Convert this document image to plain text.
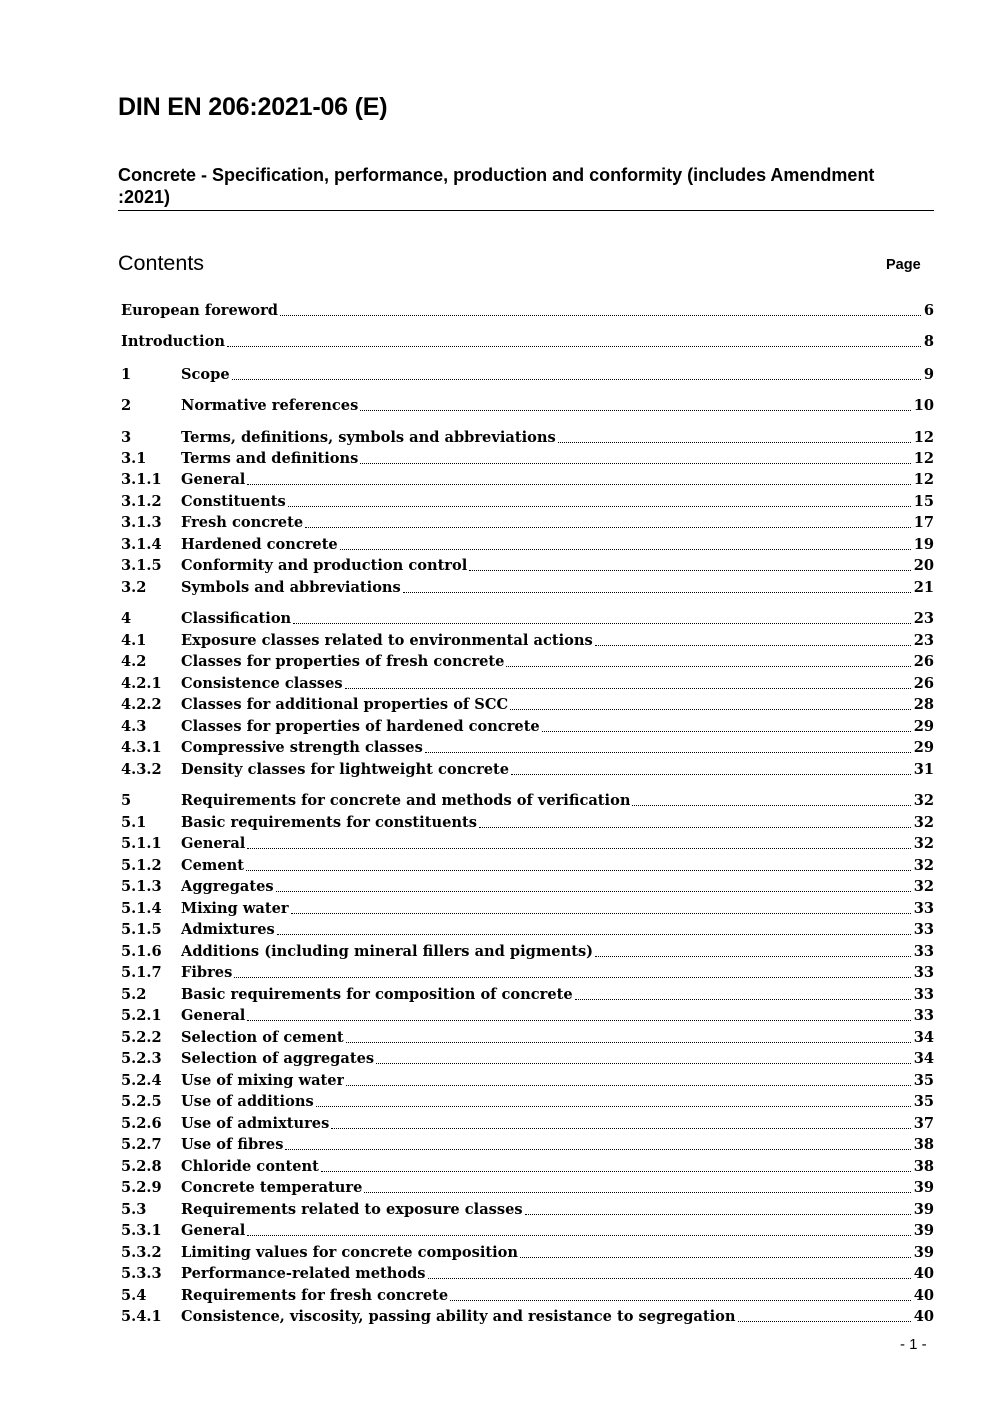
DIN EN 206:2021-06 (E)
Concrete - Specification, performance, production and conformity (includes Amendment :2021)
Contents	Page
European foreword	6
Introduction	8
1	Scope	9
2	Normative references	10
3	Terms, definitions, symbols and abbreviations	12
3.1	Terms and definitions	12
3.1.1	General	12
3.1.2	Constituents	15
3.1.3	Fresh concrete	17
3.1.4	Hardened concrete	19
3.1.5	Conformity and production control	20
3.2	Symbols and abbreviations	21
4	Classification	23
4.1	Exposure classes related to environmental actions	23
4.2	Classes for properties of fresh concrete	26
4.2.1	Consistence classes	26
4.2.2	Classes for additional properties of SCC	28
4.3	Classes for properties of hardened concrete	29
4.3.1	Compressive strength classes	29
4.3.2	Density classes for lightweight concrete	31
5	Requirements for concrete and methods of verification	32
5.1	Basic requirements for constituents	32
5.1.1	General	32
5.1.2	Cement	32
5.1.3	Aggregates	32
5.1.4	Mixing water	33
5.1.5	Admixtures	33
5.1.6	Additions (including mineral fillers and pigments)	33
5.1.7	Fibres	33
5.2	Basic requirements for composition of concrete	33
5.2.1	General	33
5.2.2	Selection of cement	34
5.2.3	Selection of aggregates	34
5.2.4	Use of mixing water	35
5.2.5	Use of additions	35
5.2.6	Use of admixtures	37
5.2.7	Use of fibres	38
5.2.8	Chloride content	38
5.2.9	Concrete temperature	39
5.3	Requirements related to exposure classes	39
5.3.1	General	39
5.3.2	Limiting values for concrete composition	39
5.3.3	Performance-related methods	40
5.4	Requirements for fresh concrete	40
5.4.1	Consistence, viscosity, passing ability and resistance to segregation	40
- 1 -
